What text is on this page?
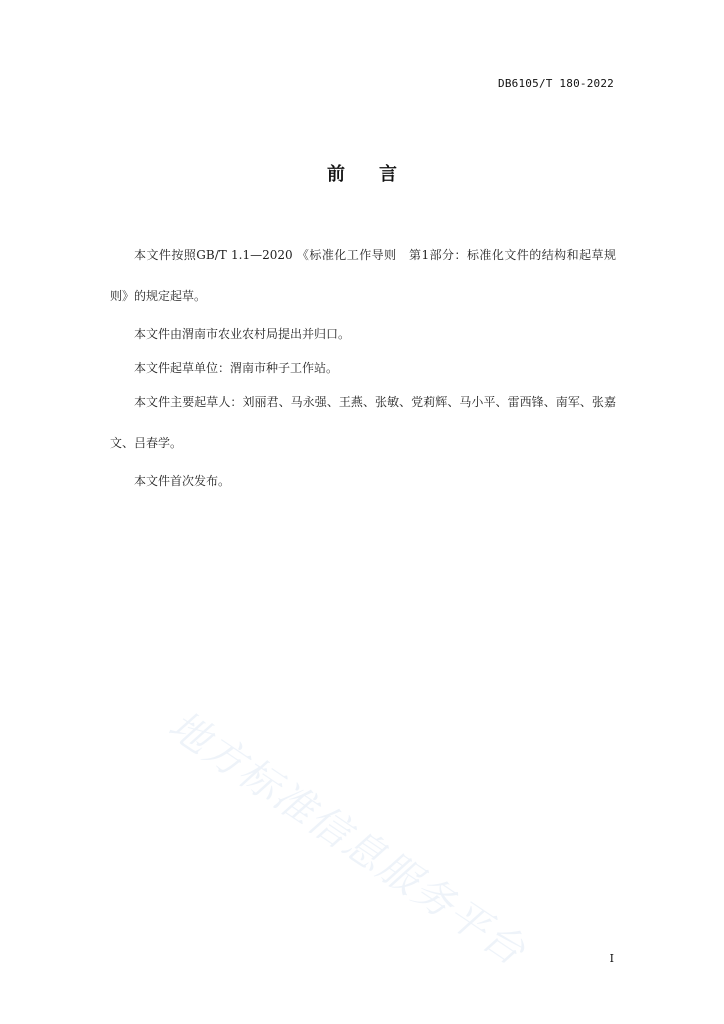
DB6105/T 180-2022
前 言

本文件按照GB/T 1.1—2020 《标准化工作导则　第1部分：标准化文件的结构和起草规则》的规定起草。

本文件由渭南市农业农村局提出并归口。

本文件起草单位：渭南市种子工作站。

本文件主要起草人：刘丽君、马永强、王燕、张敏、党莉辉、马小平、雷西锋、南军、张嘉文、吕春学。

本文件首次发布。

地方标准信息服务平台	I
